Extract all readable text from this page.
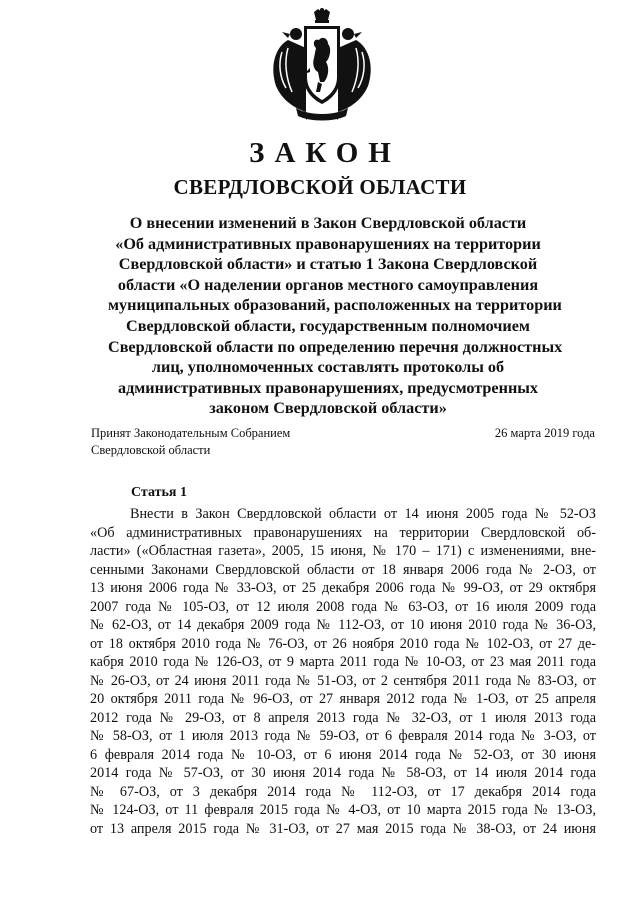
ЗАКОН
СВЕРДЛОВСКОЙ ОБЛАСТИ
О внесении изменений в Закон Свердловской области
«Об административных правонарушениях на территории
Свердловской области» и статью 1 Закона Свердловской
области «О наделении органов местного самоуправления
муниципальных образований, расположенных на территории
Свердловской области, государственным полномочием
Свердловской области по определению перечня должностных
лиц, уполномоченных составлять протоколы об
административных правонарушениях, предусмотренных
законом Свердловской области»
Принят Законодательным Собранием
Свердловской области
26 марта 2019 года
Статья 1
Внести в Закон Свердловской области от 14 июня 2005 года № 52-ОЗ
«Об административных правонарушениях на территории Свердловской об-
ласти» («Областная газета», 2005, 15 июня, № 170 – 171) с изменениями, вне-
сенными Законами Свердловской области от 18 января 2006 года № 2-ОЗ, от
13 июня 2006 года № 33-ОЗ, от 25 декабря 2006 года № 99-ОЗ, от 29 октября
2007 года № 105-ОЗ, от 12 июля 2008 года № 63-ОЗ, от 16 июля 2009 года
№ 62-ОЗ, от 14 декабря 2009 года № 112-ОЗ, от 10 июня 2010 года № 36-ОЗ,
от 18 октября 2010 года № 76-ОЗ, от 26 ноября 2010 года № 102-ОЗ, от 27 де-
кабря 2010 года № 126-ОЗ, от 9 марта 2011 года № 10-ОЗ, от 23 мая 2011 года
№ 26-ОЗ, от 24 июня 2011 года № 51-ОЗ, от 2 сентября 2011 года № 83-ОЗ, от
20 октября 2011 года № 96-ОЗ, от 27 января 2012 года № 1-ОЗ, от 25 апреля
2012 года № 29-ОЗ, от 8 апреля 2013 года № 32-ОЗ, от 1 июля 2013 года
№ 58-ОЗ, от 1 июля 2013 года № 59-ОЗ, от 6 февраля 2014 года № 3-ОЗ, от
6 февраля 2014 года № 10-ОЗ, от 6 июня 2014 года № 52-ОЗ, от 30 июня
2014 года № 57-ОЗ, от 30 июня 2014 года № 58-ОЗ, от 14 июля 2014 года
№ 67-ОЗ, от 3 декабря 2014 года № 112-ОЗ, от 17 декабря 2014 года
№ 124-ОЗ, от 11 февраля 2015 года № 4-ОЗ, от 10 марта 2015 года № 13-ОЗ,
от 13 апреля 2015 года № 31-ОЗ, от 27 мая 2015 года № 38-ОЗ, от 24 июня
